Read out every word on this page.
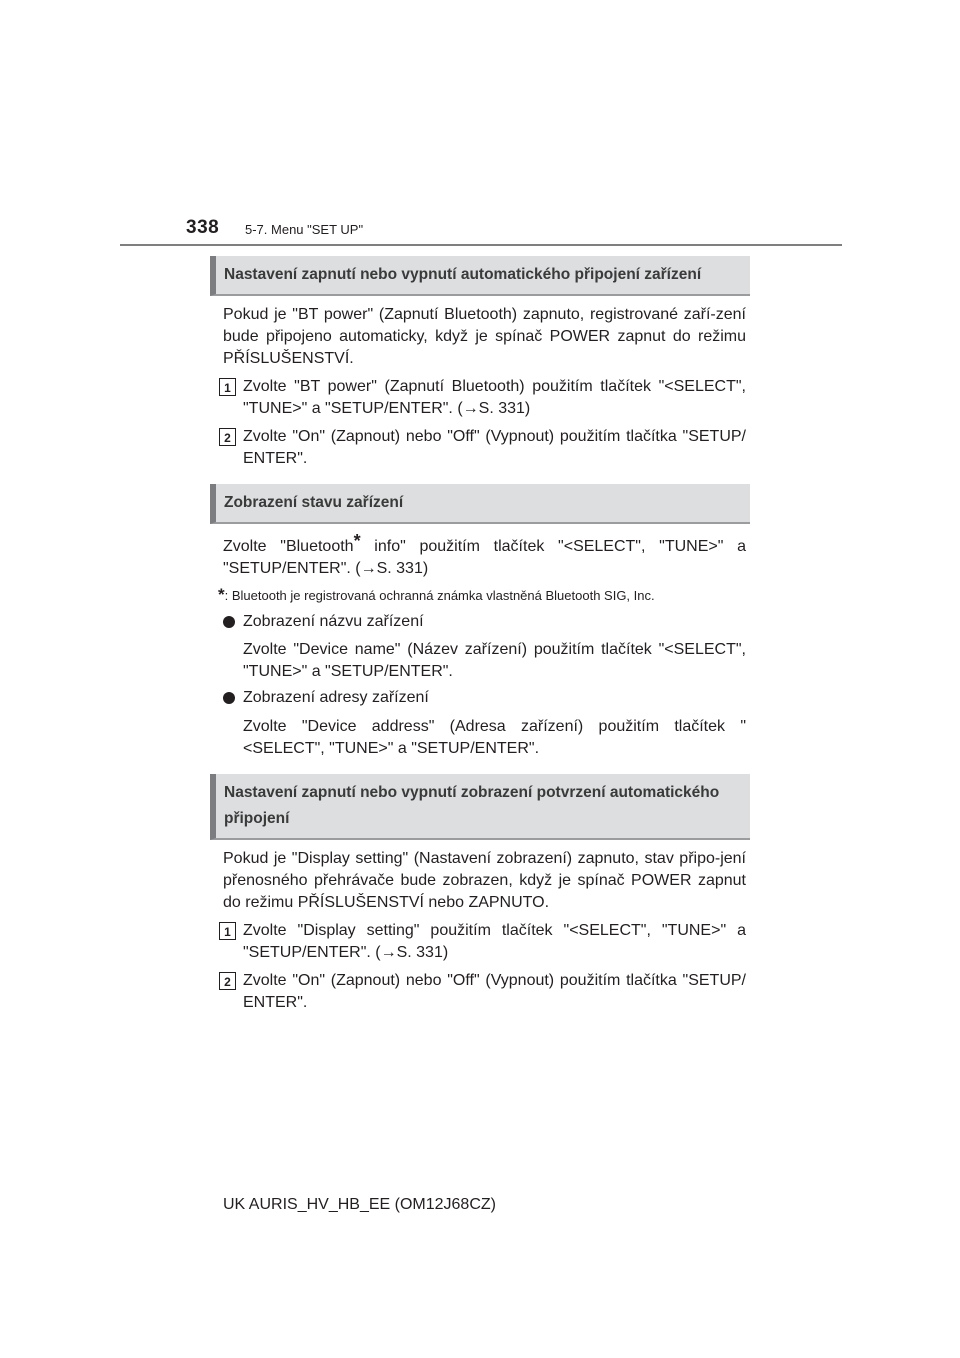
338 5-7. Menu "SET UP"
Nastavení zapnutí nebo vypnutí automatického připojení zařízení

Pokud je "BT power" (Zapnutí Bluetooth) zapnuto, registrované zaří-zení bude připojeno automaticky, když je spínač POWER zapnut do režimu PŘÍSLUŠENSTVÍ.

1 Zvolte "BT power" (Zapnutí Bluetooth) použitím tlačítek "<SELECT", "TUNE>" a "SETUP/ENTER". (→S. 331)
2 Zvolte "On" (Zapnout) nebo "Off" (Vypnout) použitím tlačítka "SETUP/ ENTER".
Zobrazení stavu zařízení

Zvolte "Bluetooth* info" použitím tlačítek "<SELECT", "TUNE>" a "SETUP/ENTER". (→S. 331)

*: Bluetooth je registrovaná ochranná známka vlastněná Bluetooth SIG, Inc.

Zobrazení názvu zařízení

Zvolte "Device name" (Název zařízení) použitím tlačítek "<SELECT", "TUNE>" a "SETUP/ENTER".

Zobrazení adresy zařízení

Zvolte "Device address" (Adresa zařízení) použitím tlačítek "<SELECT", "TUNE>" a "SETUP/ENTER".

Nastavení zapnutí nebo vypnutí zobrazení potvrzení automatického připojení

Pokud je "Display setting" (Nastavení zobrazení) zapnuto, stav připo-jení přenosného přehrávače bude zobrazen, když je spínač POWER zapnut do režimu PŘÍSLUŠENSTVÍ nebo ZAPNUTO.

1 Zvolte "Display setting" použitím tlačítek "<SELECT", "TUNE>" a "SETUP/ENTER". (→S. 331)
2 Zvolte "On" (Zapnout) nebo "Off" (Vypnout) použitím tlačítka "SETUP/ ENTER".
UK AURIS_HV_HB_EE (OM12J68CZ)
